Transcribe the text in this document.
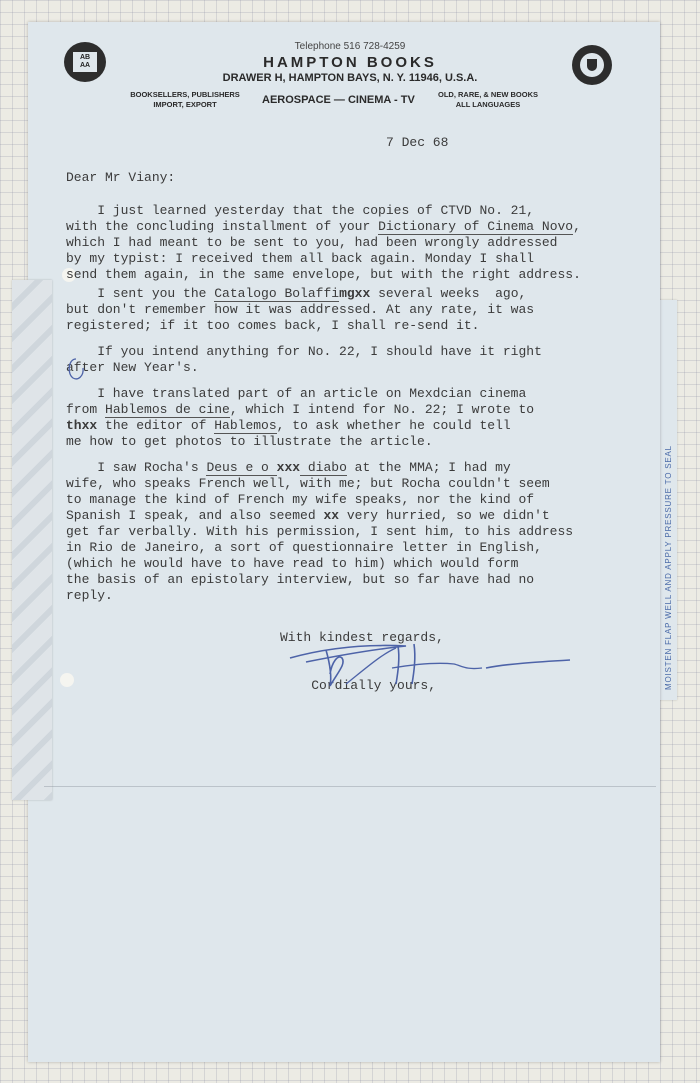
MOISTEN FLAP WELL AND APPLY PRESSURE TO SEAL
AB
AA
Telephone 516 728-4259
HAMPTON BOOKS
DRAWER H, HAMPTON BAYS, N. Y. 11946, U.S.A.
BOOKSELLERS, PUBLISHERS
IMPORT, EXPORT	AEROSPACE — CINEMA - TV	OLD, RARE, & NEW BOOKS
ALL LANGUAGES
7 Dec 68
Dear Mr Viany:
I just learned yesterday that the copies of CTVD No. 21,
with the concluding installment of your Dictionary of Cinema Novo,
which I had meant to be sent to you, had been wrongly addressed
by my typist: I received them all back again. Monday I shall
send them again, in the same envelope, but with the right address.
I sent you the Catalogo Bolaffimgxx several weeks  ago,
but don't remember how it was addressed. At any rate, it was
registered; if it too comes back, I shall re-send it.
If you intend anything for No. 22, I should have it right
after New Year's.
I have translated part of an article on Mexdcian cinema
from Hablemos de cine, which I intend for No. 22; I wrote to
thxx the editor of Hablemos, to ask whether he could tell
me how to get photos to illustrate the article.
I saw Rocha's Deus e o xxx diabo at the MMA; I had my
wife, who speaks French well, with me; but Rocha couldn't seem
to manage the kind of French my wife speaks, nor the kind of
Spanish I speak, and also seemed xx very hurried, so we didn't
get far verbally. With his permission, I sent him, to his address
in Rio de Janeiro, a sort of questionnaire letter in English,
(which he would have to have read to him) which would form
the basis of an epistolary interview, but so far have had no
reply.

With kindest regards,

Cordially yours,
